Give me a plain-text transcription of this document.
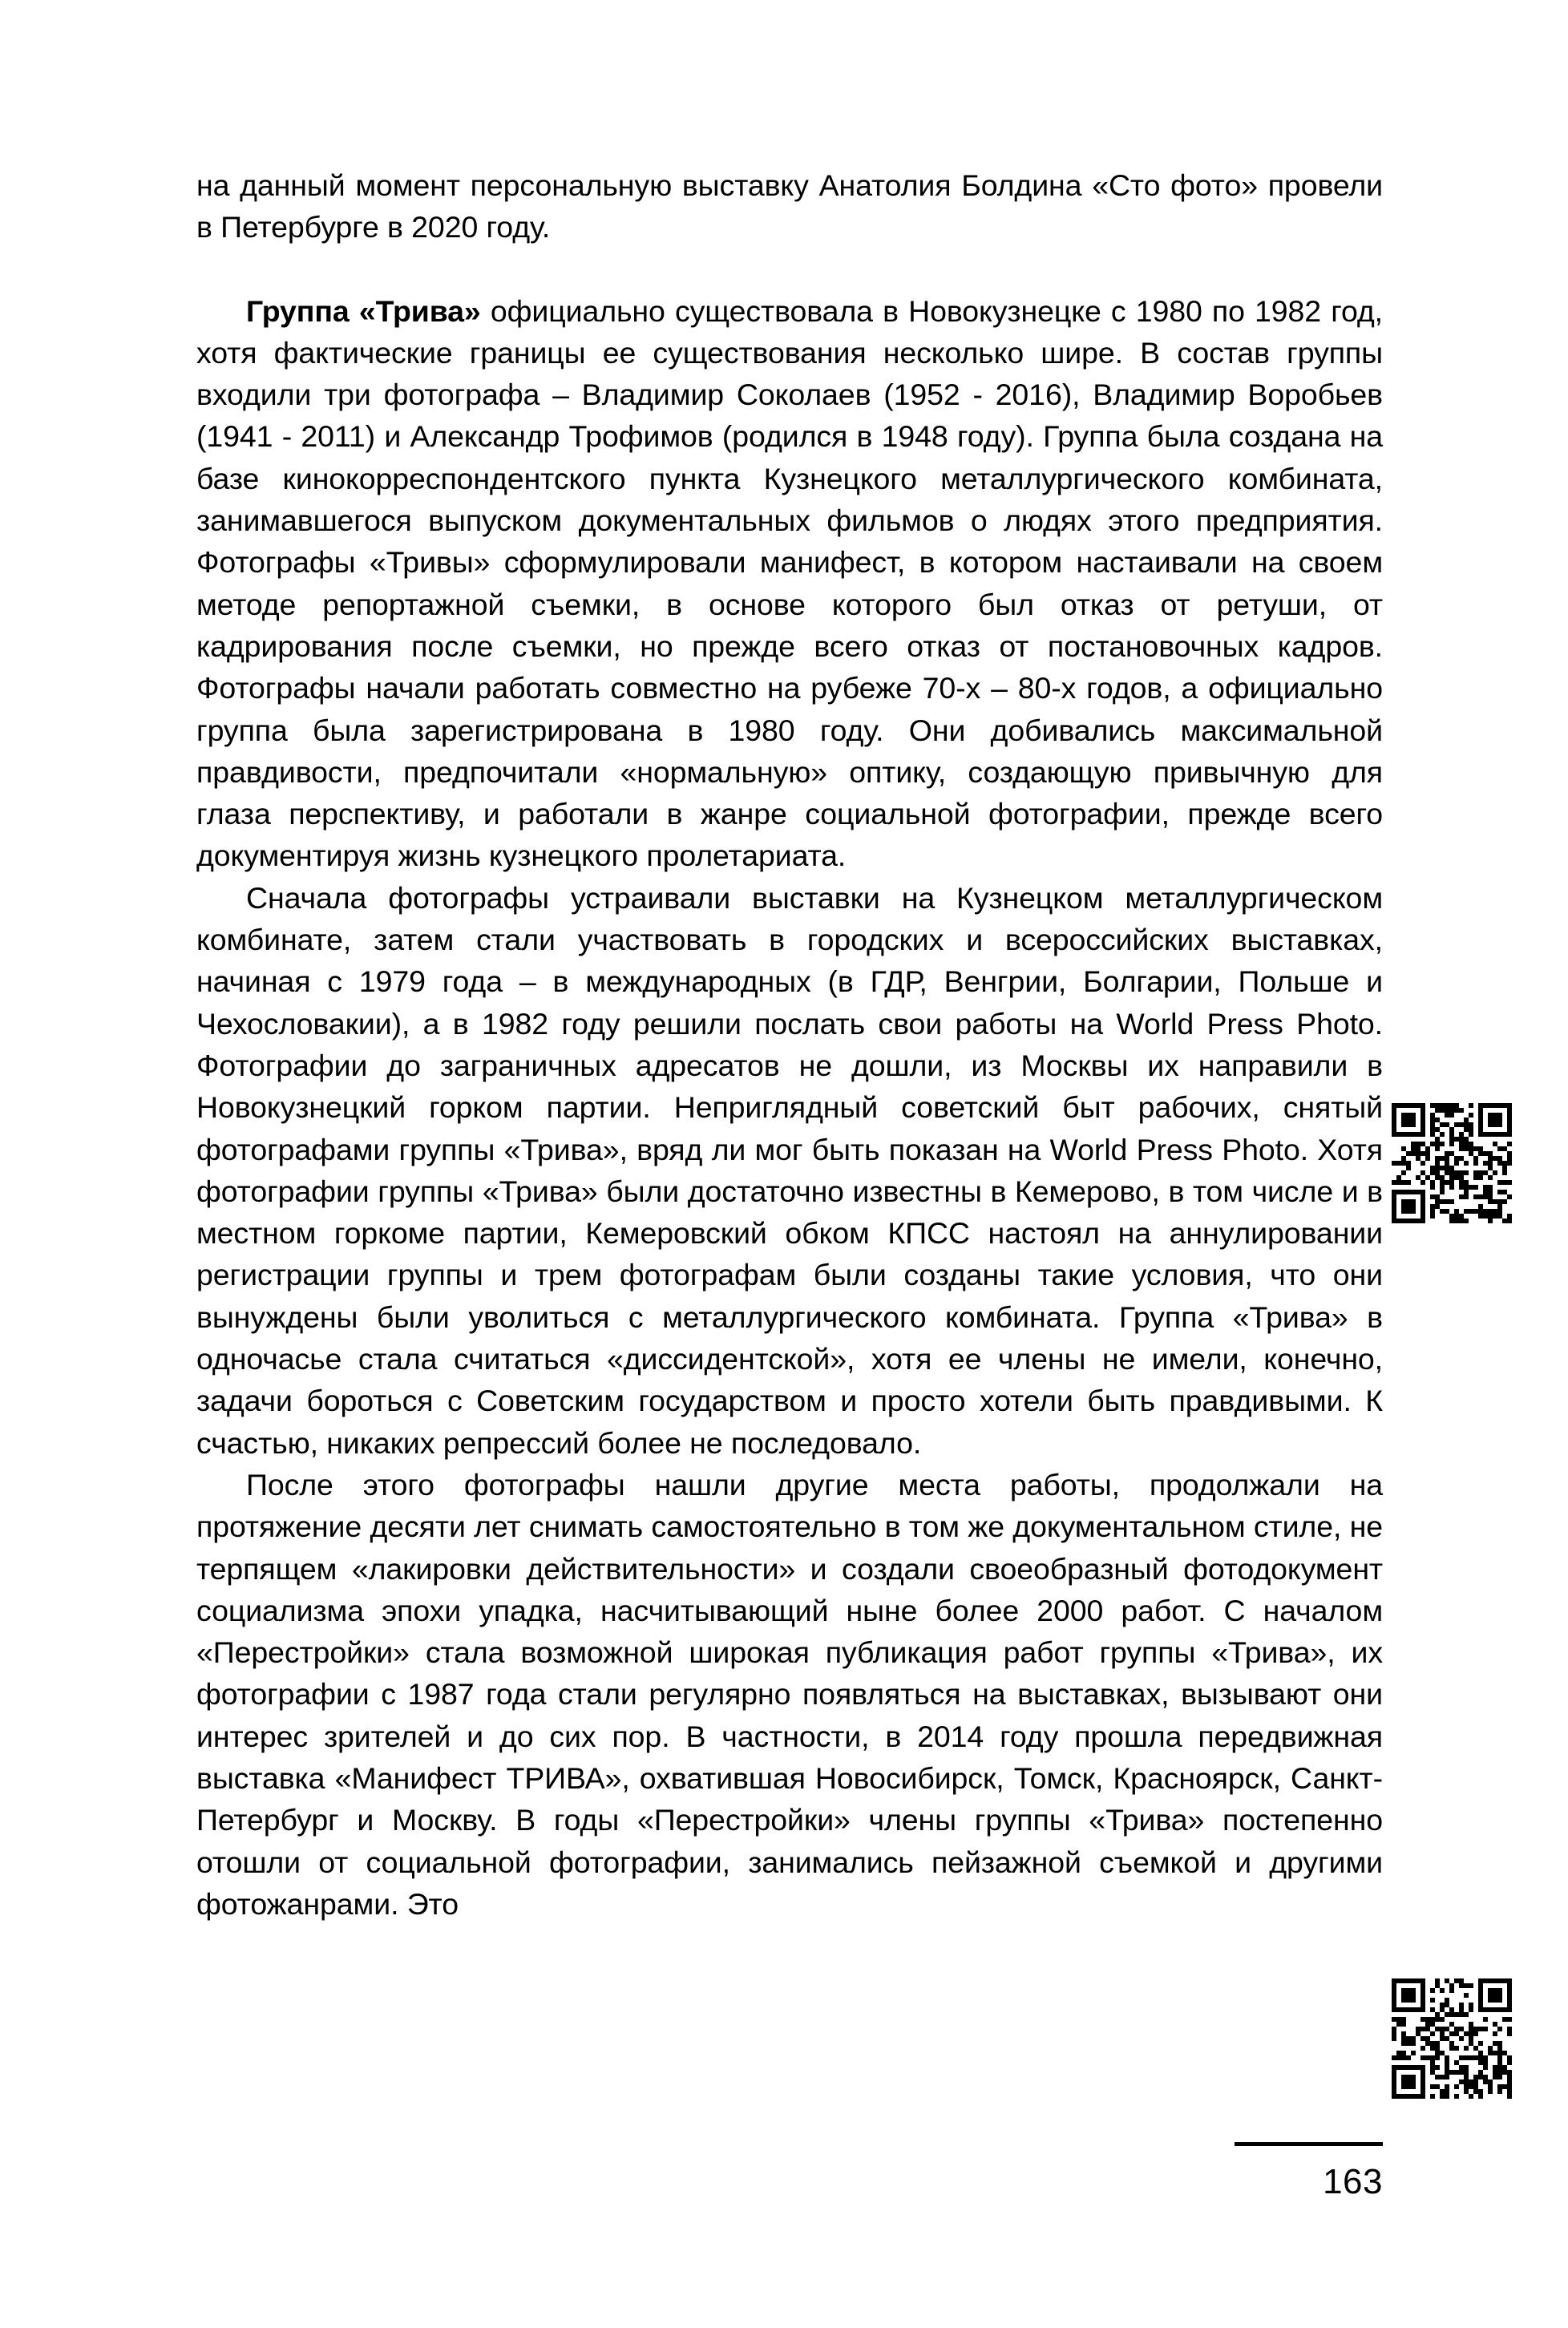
на данный момент персональную выставку Анатолия Болдина «Сто фото» провели в Петербурге в 2020 году.

Группа «Трива» официально существовала в Новокузнецке с 1980 по 1982 год, хотя фактические границы ее существования несколько шире. В состав группы входили три фотографа – Владимир Соколаев (1952 - 2016), Владимир Воробьев (1941 - 2011) и Александр Трофимов (родился в 1948 году). Группа была создана на базе кинокорреспондентского пункта Кузнецкого металлургического комбината, занимавшегося выпуском документальных фильмов о людях этого предприятия. Фотографы «Тривы» сформулировали манифест, в котором настаивали на своем методе репортажной съемки, в основе которого был отказ от ретуши, от кадрирования после съемки, но прежде всего отказ от постановочных кадров. Фотографы начали работать совместно на рубеже 70-х – 80-х годов, а официально группа была зарегистрирована в 1980 году. Они добивались максимальной правдивости, предпочитали «нормальную» оптику, создающую привычную для глаза перспективу, и работали в жанре социальной фотографии, прежде всего документируя жизнь кузнецкого пролетариата.

Сначала фотографы устраивали выставки на Кузнецком металлургическом комбинате, затем стали участвовать в городских и всероссийских выставках, начиная с 1979 года – в международных (в ГДР, Венгрии, Болгарии, Польше и Чехословакии), а в 1982 году решили послать свои работы на World Press Photo. Фотографии до заграничных адресатов не дошли, из Москвы их направили в Новокузнецкий горком партии. Неприглядный советский быт рабочих, снятый фотографами группы «Трива», вряд ли мог быть показан на World Press Photo. Хотя фотографии группы «Трива» были достаточно известны в Кемерово, в том числе и в местном горкоме партии, Кемеровский обком КПСС настоял на аннулировании регистрации группы и трем фотографам были созданы такие условия, что они вынуждены были уволиться с металлургического комбината. Группа «Трива» в одночасье стала считаться «диссидентской», хотя ее члены не имели, конечно, задачи бороться с Советским государством и просто хотели быть правдивыми. К счастью, никаких репрессий более не последовало.

После этого фотографы нашли другие места работы, продолжали на протяжение десяти лет снимать самостоятельно в том же документальном стиле, не терпящем «лакировки действительности» и создали своеобразный фотодокумент социализма эпохи упадка, насчитывающий ныне более 2000 работ. С началом «Перестройки» стала возможной широкая публикация работ группы «Трива», их фотографии с 1987 года стали регулярно появляться на выставках, вызывают они интерес зрителей и до сих пор. В частности, в 2014 году прошла передвижная выставка «Манифест ТРИВА», охватившая Новосибирск, Томск, Красноярск, Санкт-Петербург и Москву. В годы «Перестройки» члены группы «Трива» постепенно отошли от социальной фотографии, занимались пейзажной съемкой и другими фотожанрами. Это

163
